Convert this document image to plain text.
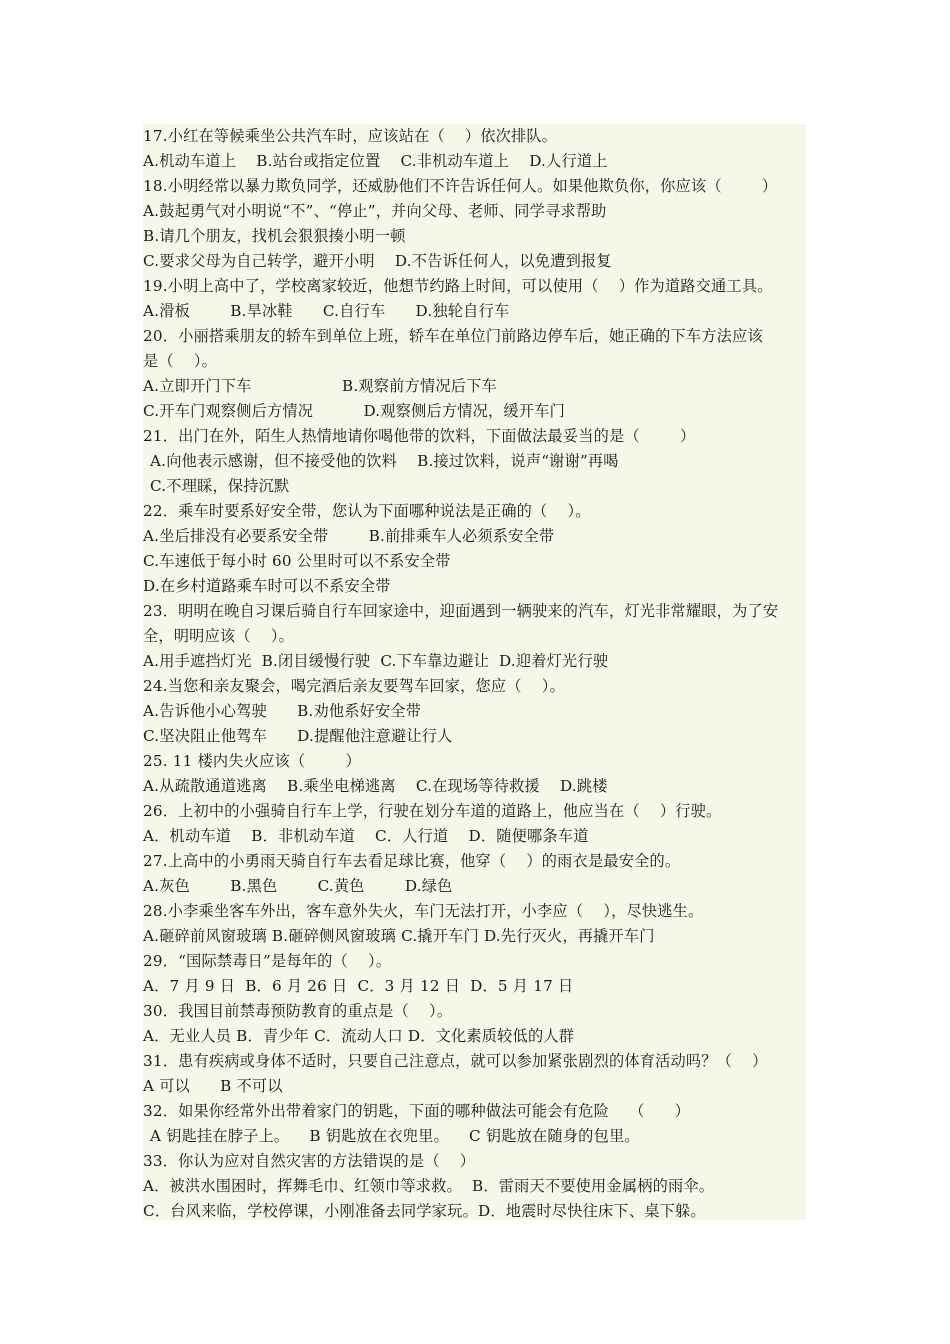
17.小红在等候乘坐公共汽车时，应该站在（    ）依次排队。
A.机动车道上    B.站台或指定位置    C.非机动车道上    D.人行道上
18.小明经常以暴力欺负同学，还威胁他们不许告诉任何人。如果他欺负你，你应该（        ）
A.鼓起勇气对小明说“不”、“停止”，并向父母、老师、同学寻求帮助
B.请几个朋友，找机会狠狠揍小明一顿
C.要求父母为自己转学，避开小明    D.不告诉任何人，以免遭到报复
19.小明上高中了，学校离家较近，他想节约路上时间，可以使用（    ）作为道路交通工具。
A.滑板        B.旱冰鞋      C.自行车      D.独轮自行车
20．小丽搭乘朋友的轿车到单位上班，轿车在单位门前路边停车后，她正确的下车方法应该
是（    ）。
A.立即开门下车                  B.观察前方情况后下车
C.开车门观察侧后方情况          D.观察侧后方情况，缓开车门
21．出门在外，陌生人热情地请你喝他带的饮料，下面做法最妥当的是（        ）
A.向他表示感谢，但不接受他的饮料    B.接过饮料，说声“谢谢”再喝
C.不理睬，保持沉默
22．乘车时要系好安全带，您认为下面哪种说法是正确的（    ）。
A.坐后排没有必要系安全带        B.前排乘车人必须系安全带
C.车速低于每小时 60 公里时可以不系安全带
D.在乡村道路乘车时可以不系安全带
23．明明在晚自习课后骑自行车回家途中，迎面遇到一辆驶来的汽车，灯光非常耀眼，为了安
全，明明应该（    ）。
A.用手遮挡灯光  B.闭目缓慢行驶  C.下车靠边避让  D.迎着灯光行驶
24.当您和亲友聚会，喝完酒后亲友要驾车回家，您应（    ）。
A.告诉他小心驾驶      B.劝他系好安全带
C.坚决阻止他驾车      D.提醒他注意避让行人
25. 11 楼内失火应该（        ）
A.从疏散通道逃离    B.乘坐电梯逃离    C.在现场等待救援    D.跳楼
26．上初中的小强骑自行车上学，行驶在划分车道的道路上，他应当在（    ）行驶。
A．机动车道    B．非机动车道    C．人行道    D．随便哪条车道
27.上高中的小勇雨天骑自行车去看足球比赛，他穿（    ）的雨衣是最安全的。
A.灰色        B.黑色        C.黄色        D.绿色
28.小李乘坐客车外出，客车意外失火，车门无法打开，小李应（    ），尽快逃生。
A.砸碎前风窗玻璃 B.砸碎侧风窗玻璃 C.撬开车门 D.先行灭火，再撬开车门
29．“国际禁毒日”是每年的（    ）。
A．7 月 9 日  B．6 月 26 日  C．3 月 12 日  D．5 月 17 日
30．我国目前禁毒预防教育的重点是（    ）。
A．无业人员 B．青少年 C．流动人口 D．文化素质较低的人群
31．患有疾病或身体不适时，只要自己注意点，就可以参加紧张剧烈的体育活动吗？（    ）
A 可以      B 不可以
32．如果你经常外出带着家门的钥匙，下面的哪种做法可能会有危险    （      ）
A 钥匙挂在脖子上。    B 钥匙放在衣兜里。    C 钥匙放在随身的包里。
33．你认为应对自然灾害的方法错误的是（    ）
A．被洪水围困时，挥舞毛巾、红领巾等求救。  B．雷雨天不要使用金属柄的雨伞。
C．台风来临，学校停课，小刚准备去同学家玩。D．地震时尽快往床下、桌下躲。
